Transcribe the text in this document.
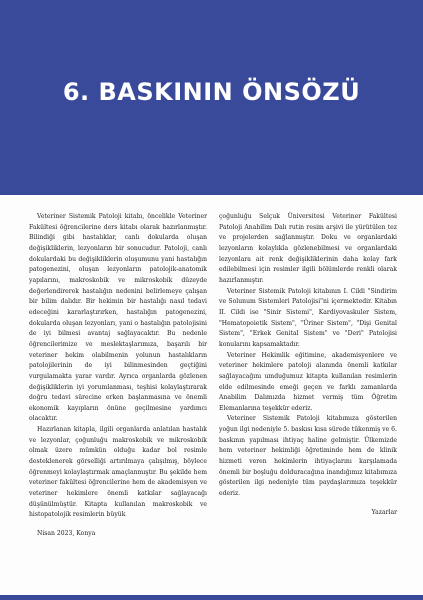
6. BASKININ ÖNSÖZÜ

Veteriner Sistemik Patoloji kitabı, öncelikle Veteriner Fakültesi öğrencilerine ders kitabı olarak hazırlanmıştır. Bilindiği gibi hastalıklar, canlı dokularda oluşan değişikliklerin, lezyonların bir sonucudur. Patoloji, canlı dokulardaki bu değişikliklerin oluşumunu yani hastalığın patogenezini, oluşan lezyonların patolojik-anatomik yapılarını, makroskobik ve mikroskobik düzeyde değerlendirerek hastalığın nedenini belirlemeye çalışan bir bilim dalıdır. Bir hekimin bir hastalığı nasıl tedavi edeceğini kararlaştırırken, hastalığın patogenezini, dokularda oluşan lezyonları, yani o hastalığın patolojisini de iyi bilmesi avantaj sağlayacaktır. Bu nedenle öğrencilerimize ve meslektaşlarımıza, başarılı bir veteriner hekim olabilmenin yolunun hastalıkların patolojilerinin de iyi bilinmesinden geçtiğini vurgulamakta yarar vardır. Ayrıca organlarda gözlenen değişikliklerin iyi yorumlanması, teşhisi kolaylaştırarak doğru tedavi sürecine erken başlanmasına ve önemli ekonomik kayıpların önüne geçilmesine yardımcı olacaktır.

Hazırlanan kitapla, ilgili organlarda anlatılan hastalık ve lezyonlar, çoğunluğu makroskobik ve mikroskobik olmak üzere mümkün olduğu kadar bol resimle desteklenerek görselliği artırılmaya çalışılmış, böylece öğrenmeyi kolaylaştırmak amaçlanmıştır. Bu şekilde hem veteriner fakültesi öğrencilerine hem de akademisyen ve veteriner hekimlere önemli katkılar sağlayacağı düşünülmüştür. Kitapta kullanılan makroskobik ve histopatolojik resimlerin büyük

Nisan 2023, Konya

çoğunluğu Selçuk Üniversitesi Veteriner Fakültesi Patoloji Anabilim Dalı rutin resim arşivi ile yürütülen tez ve projelerden sağlanmıştır. Doku ve organlardaki lezyonların kolaylıkla gözlenebilmesi ve organlardaki lezyonlara ait renk değişikliklerinin daha kolay fark edilebilmesi için resimler ilgili bölümlerde renkli olarak hazırlanmıştır.

Veteriner Sistemik Patoloji kitabının I. Cildi "Sindirim ve Solunum Sistemleri Patolojisi"ni içermektedir. Kitabın II. Cildi ise "Sinir Sistemi", Kardiyovaskuler Sistem, "Hematopoietik Sistem", "Üriner Sistem", "Dişi Genital Sistem", "Erkek Genital Sistem" ve "Deri" Patolojisi konularını kapsamaktadır.

Veteriner Hekimlik eğitimine, akademisyenlere ve veteriner hekimlere patoloji alanında önemli katkılar sağlayacağını umduğumuz kitapta kullanılan resimlerin elde edilmesinde emeği geçen ve farklı zamanlarda Anabilim Dalımızda hizmet vermiş tüm Öğretim Elemanlarına teşekkür ederiz.

Veteriner Sistemik Patoloji kitabımıza gösterilen yoğun ilgi nedeniyle 5. baskısı kısa sürede tükenmiş ve 6. baskının yapılması ihtiyaç haline gelmiştir. Ülkemizde hem veteriner hekimliği öğretiminde hem de klinik hizmeti veren hekimlerin ihtiyaçlarını karşılamada önemli bir boşluğu dolduracağına inandığımız kitabımıza gösterilen ilgi nedeniyle tüm paydaşlarımıza teşekkür ederiz.

Yazarlar
